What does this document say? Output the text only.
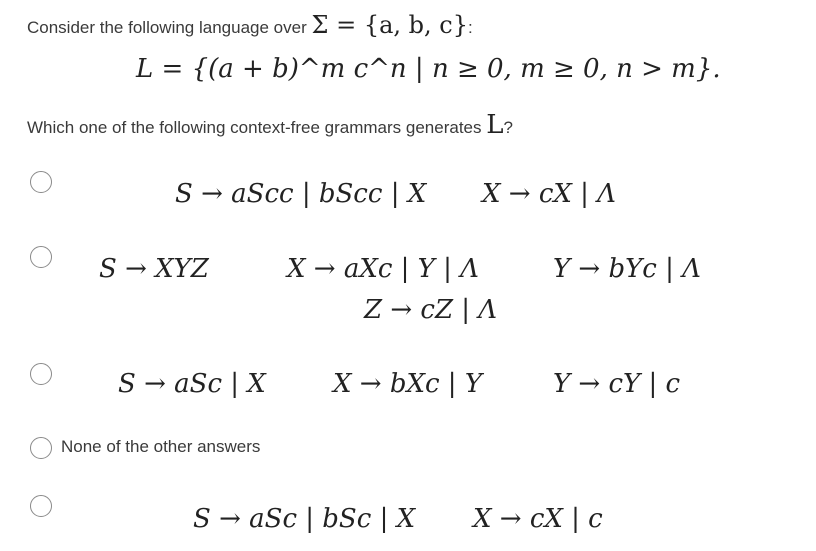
Consider the following language over Σ = {a, b, c}:
L = {(a + b)^m c^n | n ≥ 0, m ≥ 0, n > m}.
Which one of the following context-free grammars generates L?
S → aScc | bScc | X X → cX | Λ
S → XYZ	X → aXc | Y | Λ	Y → bYc | Λ
Z → cZ | Λ
S → aSc | X	X → bXc | Y	Y → cY | c
None of the other answers
S → aSc | bSc | X X → cX | c
